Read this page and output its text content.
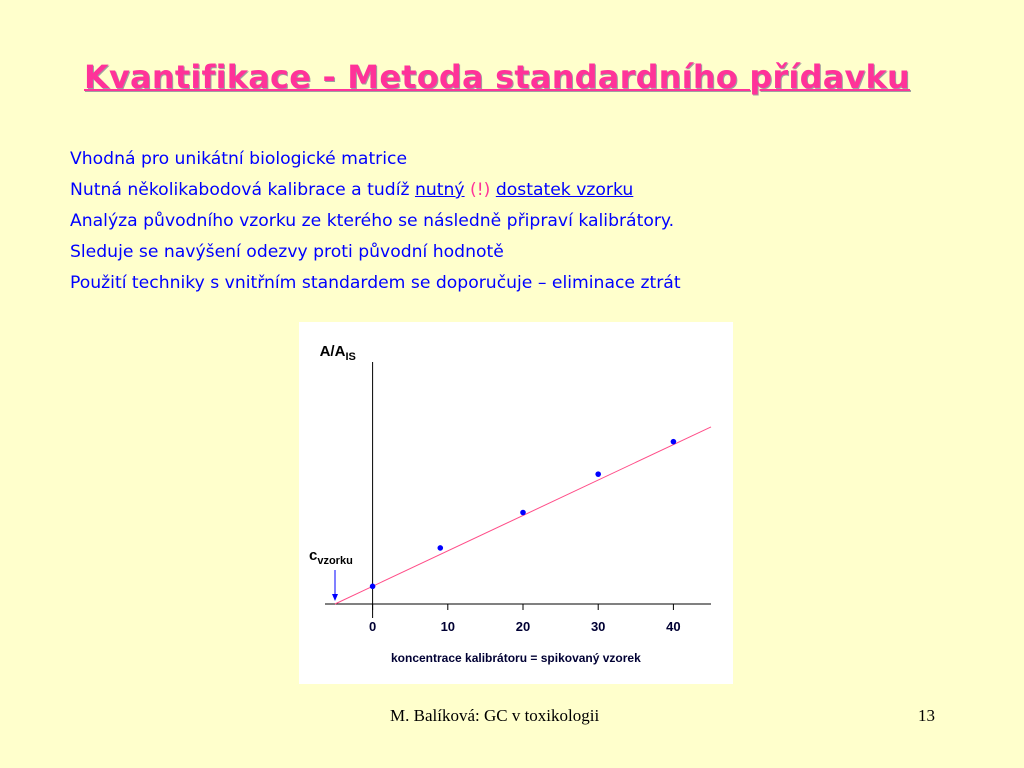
Kvantifikace - Metoda standardního přídavku
Vhodná pro unikátní biologické matrice
Nutná několikabodová kalibrace a tudíž nutný (!) dostatek vzorku
Analýza původního vzorku ze kterého se následně připraví kalibrátory.
Sleduje se navýšení odezvy proti původní hodnotě
Použití techniky s vnitřním standardem se doporučuje – eliminace ztrát
0	10	20	30	40
$A/A_{IS}$
$c_{vzorku}$
koncentrace kalibrátoru = spikovaný vzorek
M. Balíková: GC v toxikologii	13
